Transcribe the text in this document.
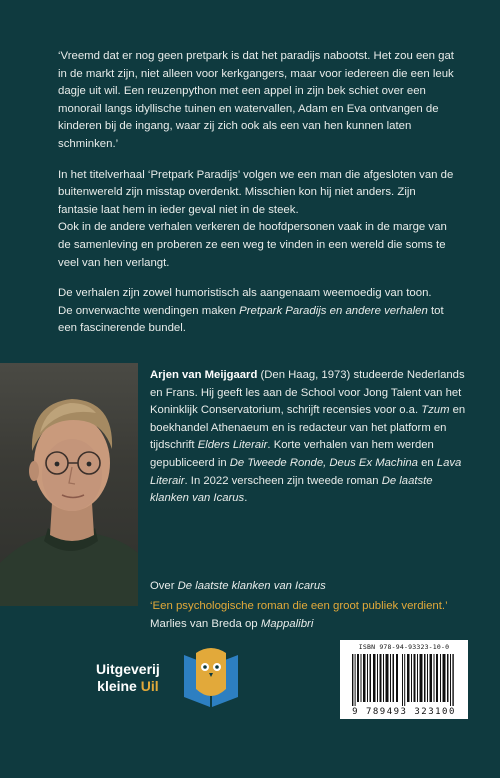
‘Vreemd dat er nog geen pretpark is dat het paradijs nabootst. Het zou een gat in de markt zijn, niet alleen voor kerkgangers, maar voor iedereen die een leuk dagje uit wil. Een reuzenpython met een appel in zijn bek schiet over een monorail langs idyllische tuinen en watervallen, Adam en Eva ontvangen de kinderen bij de ingang, waar zij zich ook als een van hen kunnen laten schminken.’

In het titelverhaal ‘Pretpark Paradijs’ volgen we een man die afgesloten van de buitenwereld zijn misstap overdenkt. Misschien kon hij niet anders. Zijn fantasie laat hem in ieder geval niet in de steek.

Ook in de andere verhalen verkeren de hoofdpersonen vaak in de marge van de samenleving en proberen ze een weg te vinden in een wereld die soms te veel van hen verlangt.

De verhalen zijn zowel humoristisch als aangenaam weemoedig van toon.

De onverwachte wendingen maken Pretpark Paradijs en andere verhalen tot een fascinerende bundel.

Arjen van Meijgaard (Den Haag, 1973) studeerde Nederlands en Frans. Hij geeft les aan de School voor Jong Talent van het Koninklijk Conservatorium, schrijft recensies voor o.a. Tzum en boekhandel Athenaeum en is redacteur van het platform en tijdschrift Elders Literair. Korte verhalen van hem werden gepubliceerd in De Tweede Ronde, Deus Ex Machina en Lava Literair. In 2022 verscheen zijn tweede roman De laatste klanken van Icarus.
Over De laatste klanken van Icarus
‘Een psychologische roman die een groot publiek verdient.’ Marlies van Breda op Mappalibri
Uitgeverij
kleine Uil
ISBN 978-94-93323-10-0
9 789493 323100
